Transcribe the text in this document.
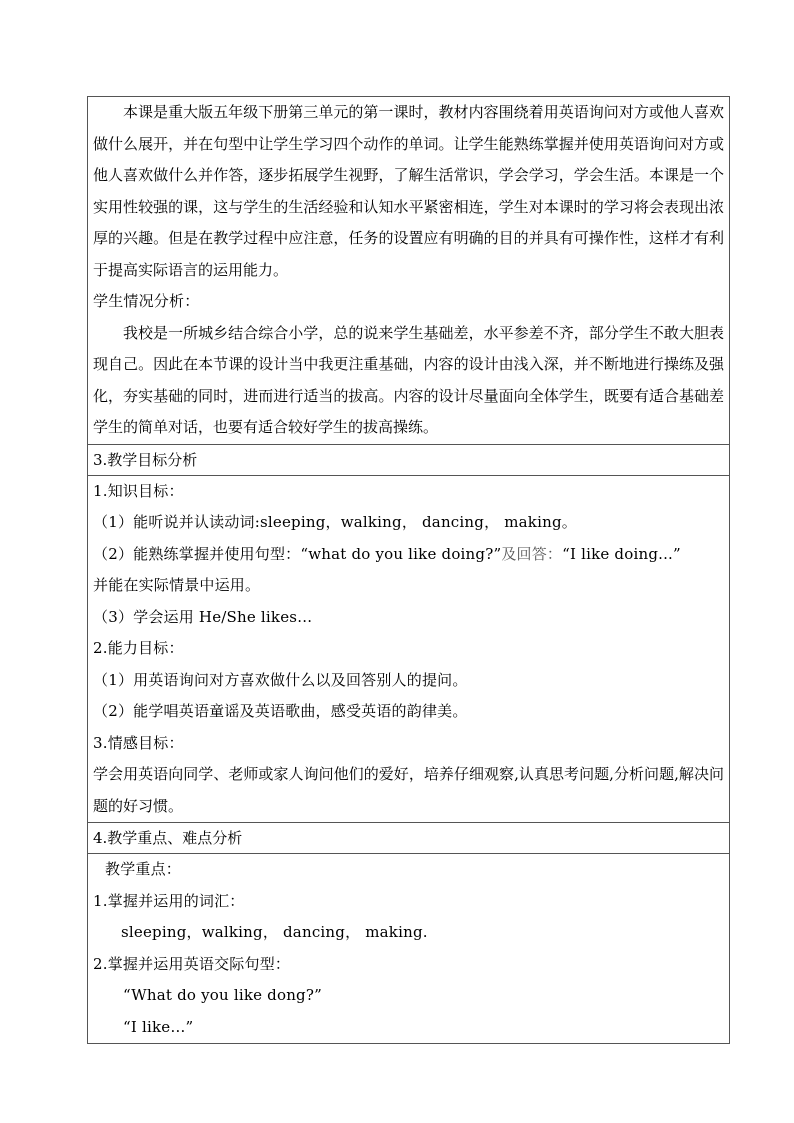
本课是重大版五年级下册第三单元的第一课时，教材内容围绕着用英语询问对方或他人喜欢做什么展开，并在句型中让学生学习四个动作的单词。让学生能熟练掌握并使用英语询问对方或他人喜欢做什么并作答，逐步拓展学生视野，了解生活常识，学会学习，学会生活。本课是一个实用性较强的课，这与学生的生活经验和认知水平紧密相连，学生对本课时的学习将会表现出浓厚的兴趣。但是在教学过程中应注意，任务的设置应有明确的目的并具有可操作性，这样才有利于提高实际语言的运用能力。

学生情况分析：

我校是一所城乡结合综合小学，总的说来学生基础差，水平参差不齐，部分学生不敢大胆表现自己。因此在本节课的设计当中我更注重基础，内容的设计由浅入深，并不断地进行操练及强化，夯实基础的同时，进而进行适当的拔高。内容的设计尽量面向全体学生，既要有适合基础差学生的简单对话，也要有适合较好学生的拔高操练。

3.教学目标分析

1.知识目标：
（1）能听说并认读动词:sleeping，walking， dancing， making。
（2）能熟练掌握并使用句型：“what do you like doing?”及回答：“I like doing...”
并能在实际情景中运用。
（3）学会运用 He/She likes…
2.能力目标：
（1）用英语询问对方喜欢做什么以及回答别人的提问。
（2）能学唱英语童谣及英语歌曲，感受英语的韵律美。
3.情感目标：

学会用英语向同学、老师或家人询问他们的爱好，培养仔细观察,认真思考问题,分析问题,解决问题的好习惯。

4.教学重点、难点分析

教学重点：
1.掌握并运用的词汇：
sleeping，walking， dancing， making.
2.掌握并运用英语交际句型：
“What do you like dong?”
“I like…”
